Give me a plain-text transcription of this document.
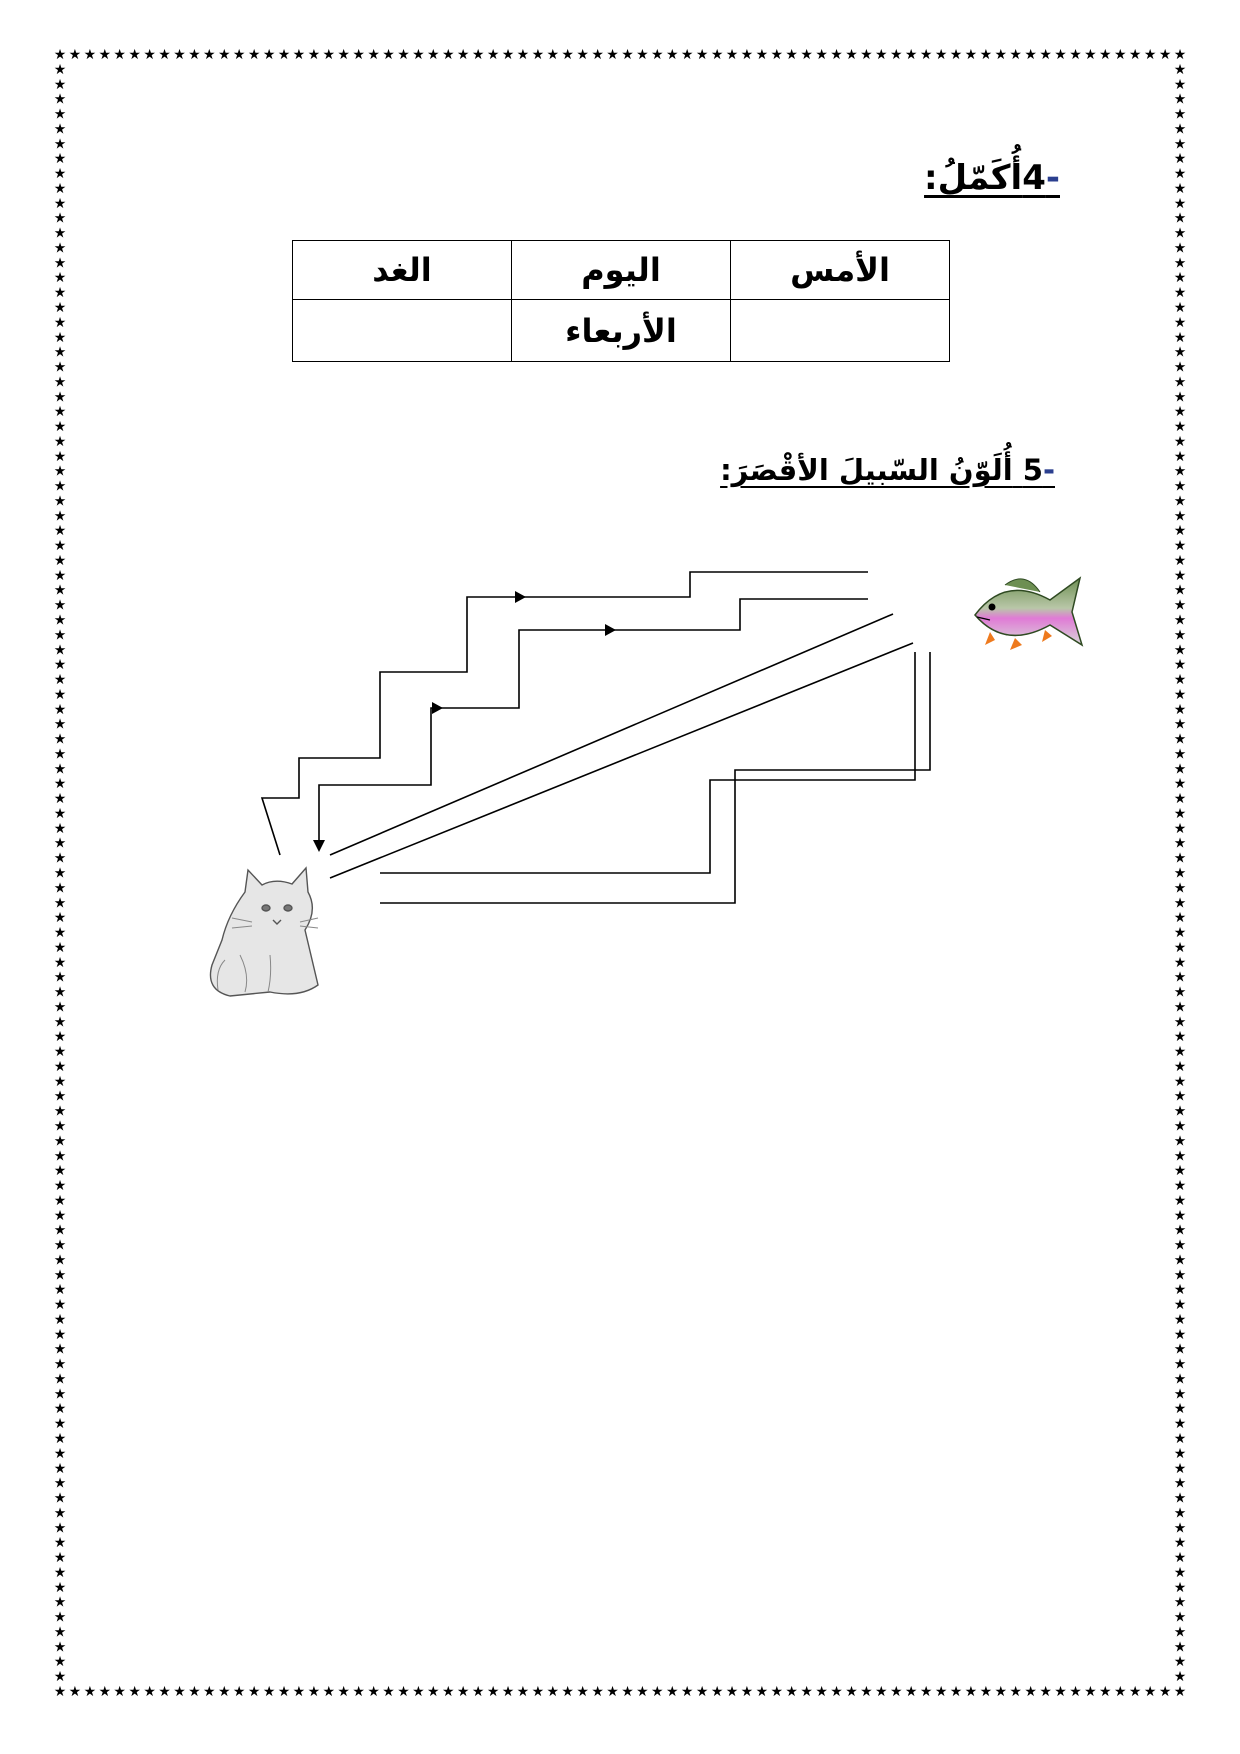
★
★
★
★
★
★
★
★
★
★
★
★
★
★
★
★
★
★
★
★
★
★
★
★
★
★
★
★
★
★
★
★
★
★
★
★
★
★
★
★
★
★
★
★
★
★
★
★
★
★
★
★
★
★
★
★
★
★
★
★
★
★
★
★
★
★
★
★
★
★
★
★
★
★
★
★
★
★
★
★
★
★
★
★
★
★
★
★
★
★
★
★
★
★
★
★
★
★
★
★
★
★
★
★
★
★
★
★
★
★
★
★
★
★
★
★
★
★
★
★
★
★
★
★
★
★
★
★
★
★
★
★
★
★
★
★
★
★
★
★
★
★
★
★
★
★
★
★
★
★
★
★
★	★
★	★
★	★
★	★
★	★
★	★
★	★
★	★
★	★
★	★
★	★
★	★
★	★
★	★
★	★
★	★
★	★
★	★
★	★
★	★
★	★
★	★
★	★
★	★
★	★
★	★
★	★
★	★
★	★
★	★
★	★
★	★
★	★
★	★
★	★
★	★
★	★
★	★
★	★
★	★
★	★
★	★
★	★
★	★
★	★
★	★
★	★
★	★
★	★
★	★
★	★
★	★
★	★
★	★
★	★
★	★
★	★
★	★
★	★
★	★
★	★
★	★
★	★
★	★
★	★
★	★
★	★
★	★
★	★
★	★
★	★
★	★
★	★
★	★
★	★
★	★
★	★
★	★
★	★
★	★
★	★
★	★
★	★
★	★
★	★
★	★
★	★
★	★
★	★
★	★
★	★
★	★
★	★
★	★
★	★
★	★
★	★
★	★
★	★
★	★
★	★
★	★
★	★
★	★
★	★
★	★
★	★
★	★
★	★
-4أُكَمّلُ:
الأمس	اليوم	الغد
	الأربعاء	
-5 أُلَوّنُ السّبيلَ الأقْصَرَ:
